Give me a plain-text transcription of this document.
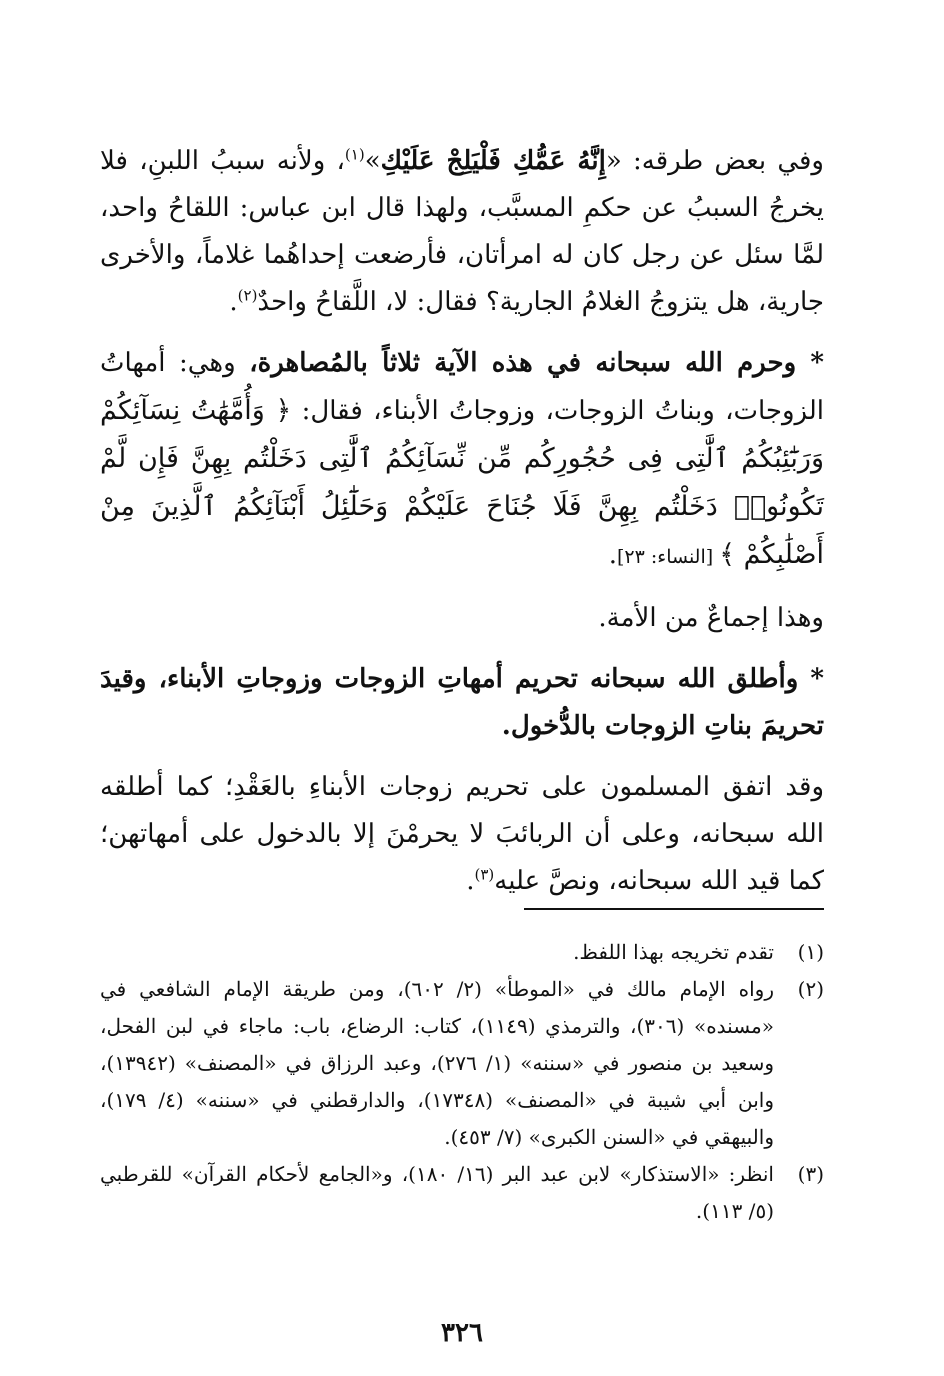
وفي بعض طرقه: «إِنَّهُ عَمُّكِ فَلْيَلِجْ عَلَيْكِ»$^{(١)}$، ولأنه سببُ اللبنِ، فلا يخرجُ السببُ عن حكمِ المسبَّب، ولهذا قال ابن عباس: اللقاحُ واحد، لمَّا سئل عن رجل كان له امرأتان، فأرضعت إحداهُما غلاماً، والأخرى جارية، هل يتزوجُ الغلامُ الجارية؟ فقال: لا، اللَّقاحُ واحدٌ$^{(٢)}$.

* وحرم الله سبحانه في هذه الآية ثلاثاً بالمُصاهرة، وهي: أمهاتُ الزوجات، وبناتُ الزوجات، وزوجاتُ الأبناء، فقال: ﴿ وَأُمَّهَٰتُ نِسَآئِكُمْ وَرَبَٰٓئِبُكُمُ ٱلَّٰتِى فِى حُجُورِكُم مِّن نِّسَآئِكُمُ ٱلَّٰتِى دَخَلْتُم بِهِنَّ فَإِن لَّمْ تَكُونُوا۟ دَخَلْتُم بِهِنَّ فَلَا جُنَاحَ عَلَيْكُمْ وَحَلَٰٓئِلُ أَبْنَآئِكُمُ ٱلَّذِينَ مِنْ أَصْلَٰبِكُمْ ﴾ [النساء: ٢٣].

وهذا إجماعٌ من الأمة.

* وأطلق الله سبحانه تحريم أمهاتِ الزوجات وزوجاتِ الأبناء، وقيدَ تحريمَ بناتِ الزوجات بالدُّخول.

وقد اتفق المسلمون على تحريم زوجات الأبناءِ بالعَقْدِ؛ كما أطلقه الله سبحانه، وعلى أن الربائبَ لا يحرمْنَ إلا بالدخول على أمهاتهن؛ كما قيد الله سبحانه، ونصَّ عليه$^{(٣)}$.

(١)
تقدم تخريجه بهذا اللفظ.
(٢)
رواه الإمام مالك في «الموطأ» (٢/ ٦٠٢)، ومن طريقة الإمام الشافعي في «مسنده» (٣٠٦)، والترمذي (١١٤٩)، كتاب: الرضاع، باب: ماجاء في لبن الفحل، وسعيد بن منصور في «سننه» (١/ ٢٧٦)، وعبد الرزاق في «المصنف» (١٣٩٤٢)، وابن أبي شيبة في «المصنف» (١٧٣٤٨)، والدارقطني في «سننه» (٤/ ١٧٩)، والبيهقي في «السنن الكبرى» (٧/ ٤٥٣).
(٣)
انظر: «الاستذكار» لابن عبد البر (١٦/ ١٨٠)، و«الجامع لأحكام القرآن» للقرطبي (٥/ ١١٣).
٣٢٦
